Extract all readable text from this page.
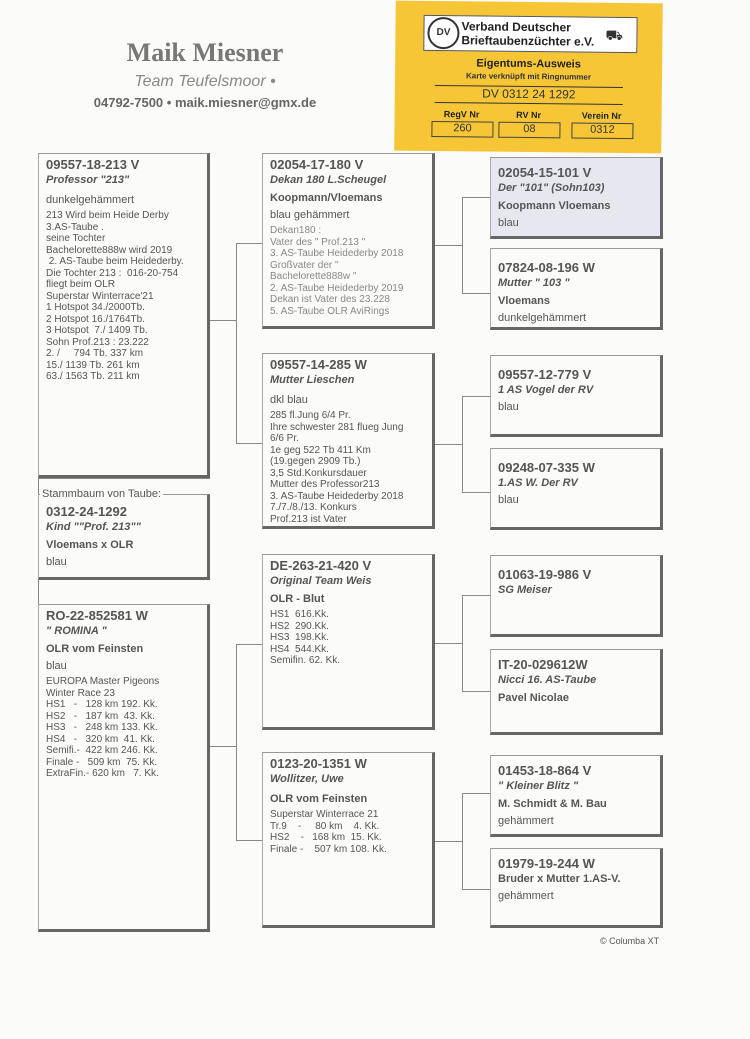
Maik Miesner
Team Teufelsmoor •
04792-7500 • maik.miesner@gmx.de
DV Verband Deutscher
Brieftaubenzüchter e.V. ⛟
Eigentums-Ausweis
Karte verknüpft mit Ringnummer
DV 0312 24 1292
RegV Nr	RV Nr	Verein Nr
260	08	0312
09557-18-213 V
Professor "213"
dunkelgehämmert
213 Wird beim Heide Derby
3.AS-Taube .
seine Tochter
Bachelorette888w wird 2019
2. AS-Taube beim Heidederby.
Die Tochter 213 :  016-20-754
fliegt beim OLR
Superstar Winterrace'21
1 Hotspot 34./2000Tb.
2 Hotspot 16./1764Tb.
3 Hotspot  7./ 1409 Tb.
Sohn Prof.213 : 23.222
2. /     794 Tb. 337 km
15./ 1139 Tb. 261 km
63./ 1563 Tb. 211 km
0312-24-1292
Kind ""Prof. 213""
Vloemans x OLR
blau
Stammbaum von Taube:
RO-22-852581 W
" ROMINA "
OLR vom Feinsten
blau
EUROPA Master Pigeons
Winter Race 23
HS1   -   128 km 192. Kk.
HS2   -   187 km  43. Kk.
HS3   -   248 km 133. Kk.
HS4   -   320 km  41. Kk.
Semifi.-  422 km 246. Kk.
Finale -   509 km  75. Kk.
ExtraFin.- 620 km   7. Kk.
02054-17-180 V
Dekan 180 L.Scheugel
Koopmann/Vloemans
blau gehämmert
Dekan180 :
Vater des " Prof.213 "
3. AS-Taube Heidederby 2018
Großvater der "
Bachelorette888w "
2. AS-Taube Heidederby 2019
Dekan ist Vater des 23.228
5. AS-Taube OLR AviRings
09557-14-285 W
Mutter Lieschen
dkl blau
285 fl.Jung 6/4 Pr.
Ihre schwester 281 flueg Jung
6/6 Pr.
1e geg 522 Tb 411 Km
(19.gegen 2909 Tb.)
3,5 Std.Konkursdauer
Mutter des Professor213
3. AS-Taube Heidederby 2018
7./7./8./13. Konkurs
Prof.213 ist Vater
DE-263-21-420 V
Original Team Weis
OLR - Blut
HS1  616.Kk.
HS2  290.Kk.
HS3  198.Kk.
HS4  544.Kk.
Semifin. 62. Kk.
0123-20-1351 W
Wollitzer, Uwe
OLR vom Feinsten
Superstar Winterrace 21
Tr.9    -     80 km    4. Kk.
HS2    -   168 km  15. Kk.
Finale -    507 km 108. Kk.
02054-15-101 V
Der "101" (Sohn103)
Koopmann Vloemans
blau
07824-08-196 W
Mutter " 103 "
Vloemans
dunkelgehämmert
09557-12-779 V
1 AS Vogel der RV
blau
09248-07-335 W
1.AS W. Der RV
blau
01063-19-986 V
SG Meiser
IT-20-029612W
Nicci 16. AS-Taube
Pavel Nicolae
01453-18-864 V
" Kleiner Blitz "
M. Schmidt & M. Bau
gehämmert
01979-19-244 W
Bruder x Mutter 1.AS-V.
gehämmert
© Columba XT
